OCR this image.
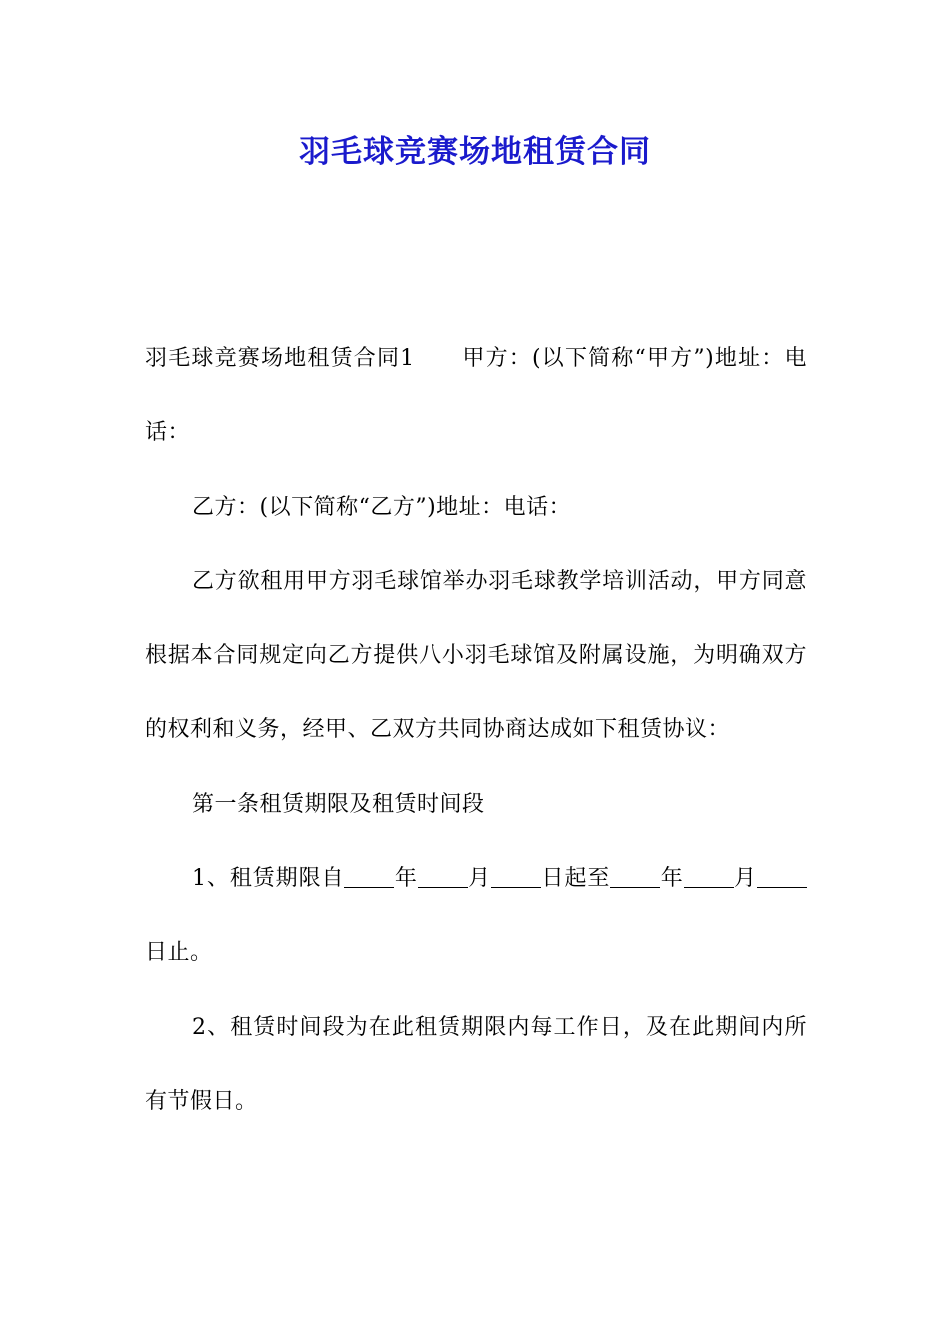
羽毛球竞赛场地租赁合同

羽毛球竞赛场地租赁合同1 甲方：(以下简称“甲方”)地址：电话：

乙方：(以下简称“乙方”)地址：电话：

乙方欲租用甲方羽毛球馆举办羽毛球教学培训活动，甲方同意根据本合同规定向乙方提供八小羽毛球馆及附属设施，为明确双方的权利和义务，经甲、乙双方共同协商达成如下租赁协议：

第一条租赁期限及租赁时间段

1、租赁期限自 年 月 日起至 年 月日止。

2、租赁时间段为在此租赁期限内每工作日，及在此期间内所有节假日。
